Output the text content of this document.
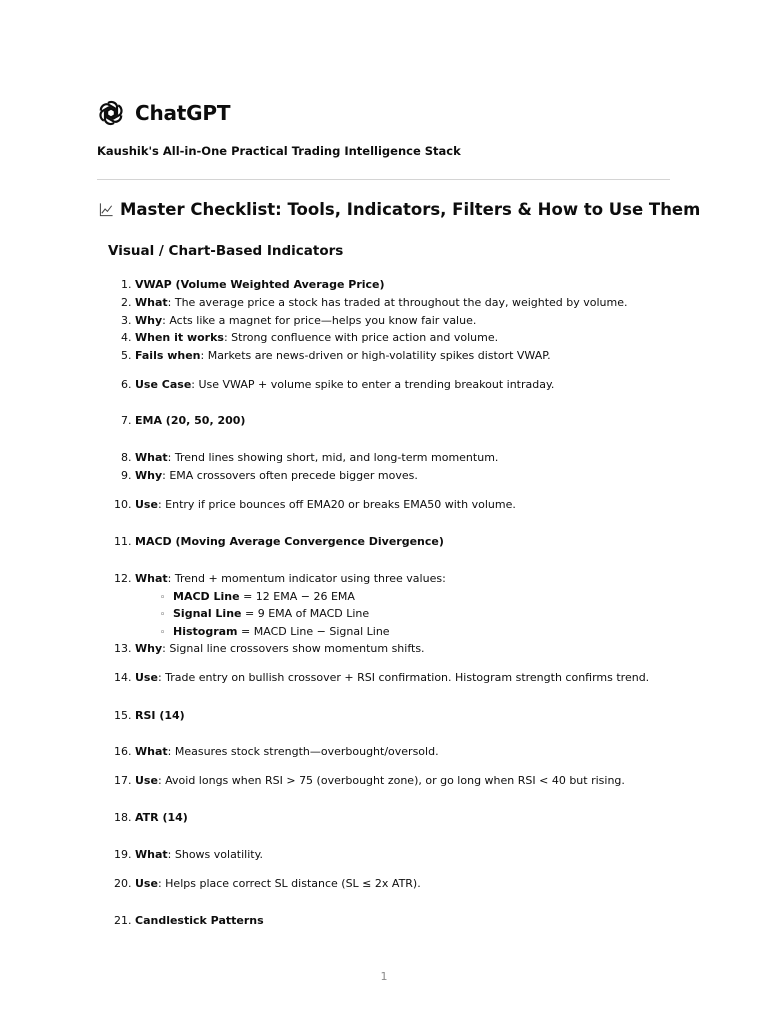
ChatGPT
Kaushik's All-in-One Practical Trading Intelligence Stack
Master Checklist: Tools, Indicators, Filters & How to Use Them
Visual / Chart-Based Indicators
1. VWAP (Volume Weighted Average Price)
2. What: The average price a stock has traded at throughout the day, weighted by volume.
3. Why: Acts like a magnet for price—helps you know fair value.
4. When it works: Strong confluence with price action and volume.
5. Fails when: Markets are news-driven or high-volatility spikes distort VWAP.
6. Use Case: Use VWAP + volume spike to enter a trending breakout intraday.
7. EMA (20, 50, 200)
8. What: Trend lines showing short, mid, and long-term momentum.
9. Why: EMA crossovers often precede bigger moves.
10. Use: Entry if price bounces off EMA20 or breaks EMA50 with volume.
11. MACD (Moving Average Convergence Divergence)
12. What: Trend + momentum indicator using three values:
13. Why: Signal line crossovers show momentum shifts.
14. Use: Trade entry on bullish crossover + RSI confirmation. Histogram strength confirms trend.
15. RSI (14)
16. What: Measures stock strength—overbought/oversold.
17. Use: Avoid longs when RSI > 75 (overbought zone), or go long when RSI < 40 but rising.
18. ATR (14)
19. What: Shows volatility.
20. Use: Helps place correct SL distance (SL ≤ 2x ATR).
21. Candlestick Patterns
◦ MACD Line = 12 EMA − 26 EMA
◦ Signal Line = 9 EMA of MACD Line
◦ Histogram = MACD Line − Signal Line
1
